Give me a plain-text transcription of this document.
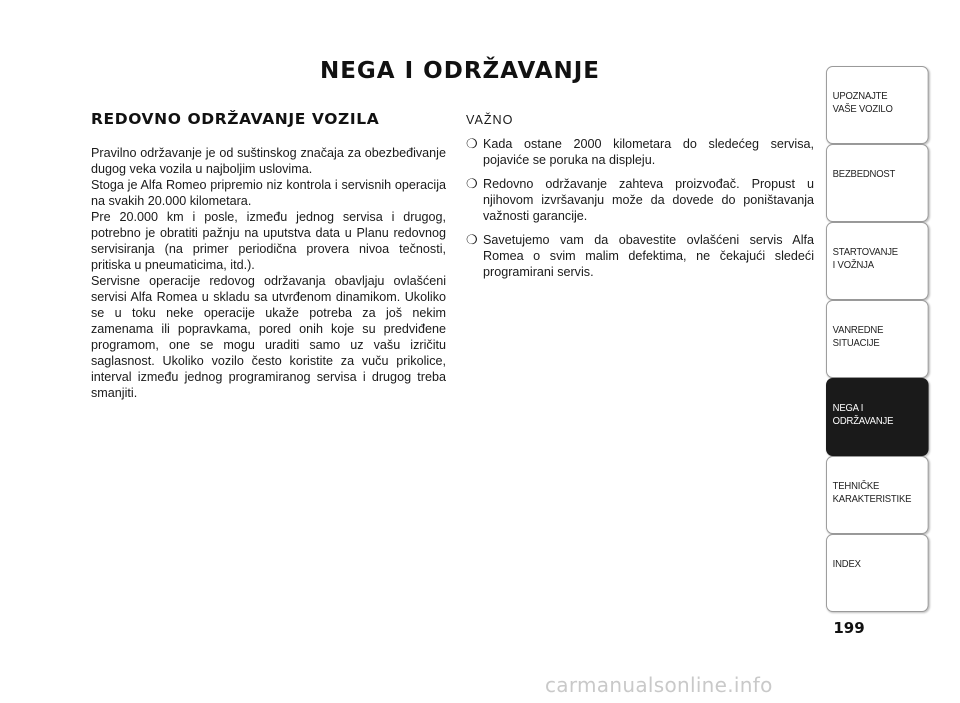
NEGA I ODRŽAVANJE
REDOVNO ODRŽAVANJE VOZILA

Pravilno održavanje je od suštinskog značaja za obezbeđivanje dugog veka vozila u najboljim uslovima.

Stoga je Alfa Romeo pripremio niz kontrola i servisnih operacija na svakih 20.000 kilometara.

Pre 20.000 km i posle, između jednog servisa i drugog, potrebno je obratiti pažnju na uputstva data u Planu redovnog servisiranja (na primer periodična provera nivoa tečnosti, pritiska u pneumaticima, itd.).

Servisne operacije redovog održavanja obavljaju ovlašćeni servisi Alfa Romea u skladu sa utvrđenom dinamikom. Ukoliko se u toku neke operacije ukaže potreba za još nekim zamenama ili popravkama, pored onih koje su predviđene programom, one se mogu uraditi samo uz vašu izričitu saglasnost. Ukoliko vozilo često koristite za vuču prikolice, interval između jednog programiranog servisa i drugog treba smanjiti.

VAŽNO
❍ Kada ostane 2000 kilometara do sledećeg servisa, pojaviće se poruka na displeju.
❍ Redovno održavanje zahteva proizvođač. Propust u njihovom izvršavanju može da dovede do poništavanja važnosti garancije.
❍ Savetujemo vam da obavestite ovlašćeni servis Alfa Romea o svim malim defektima, ne čekajući sledeći programirani servis.
UPOZNAJTE
VAŠE VOZILO
BEZBEDNOST
STARTOVANJE
I VOŽNJA
VANREDNE
SITUACIJE
NEGA I
ODRŽAVANJE
TEHNIČKE
KARAKTERISTIKE
INDEX
199
carmanualsonline.info
